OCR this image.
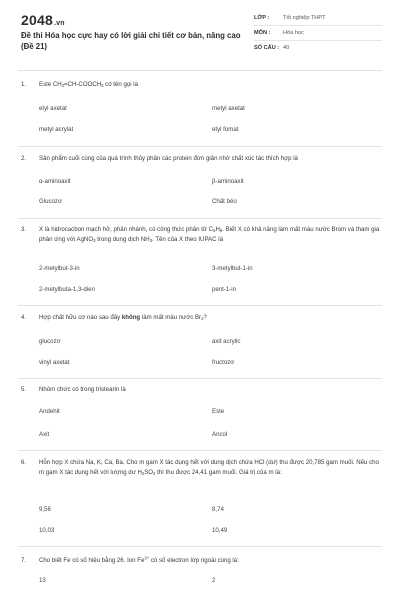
2048.vn
Đề thi Hóa học cực hay có lời giải chi tiết cơ bản, nâng cao (Đề 21)
LỚP : Tốt nghiệp THPT
MÔN : Hóa học
SỐ CÂU : 40
1. Este $CH_2=CH-COOCH_3$ có tên gọi là
etyl axetat	metyl axetat
metyl acrylat	etyl fomat
2. Sản phẩm cuối cùng của quá trình thủy phân các protein đơn giản nhờ chất xúc tác thích hợp là
α-aminoaxit	β-aminoaxit
Glucozơ	Chất béo
3. X là hidrocacbon mạch hở, phân nhánh, có công thức phân tử $C_5H_8$. Biết X có khả năng làm mất màu nước Brom và tham gia phản ứng với AgNO$_3$ trong dung dịch $NH_3$. Tên của X theo IUPAC là
2-metylbut-3-in	3-metylbut-1-in
2-metylbuta-1,3-dien	pent-1-in
4. Hợp chất hữu cơ nào sau đây không làm mất màu nước $Br_2$?
glucozơ	axit acrylic
vinyl axetat	fructozơ
5. Nhóm chức có trong tristearin là
Andehit	Este
Axit	Ancol
6. Hỗn hợp X chứa Na, K, Ca, Ba. Cho m gam X tác dụng hết với dung dịch chứa HCl (dư) thu được 20,785 gam muối. Nếu cho m gam X tác dụng hết với lượng dư $H_2SO_4$ thì thu được 24,41 gam muối. Giá trị của m là:
9,56	8,74
10,03	10,49
7. Cho biết Fe có số hiệu bằng 26. Ion $Fe^{3+}$ có số electron lớp ngoài cùng là:
13	2
